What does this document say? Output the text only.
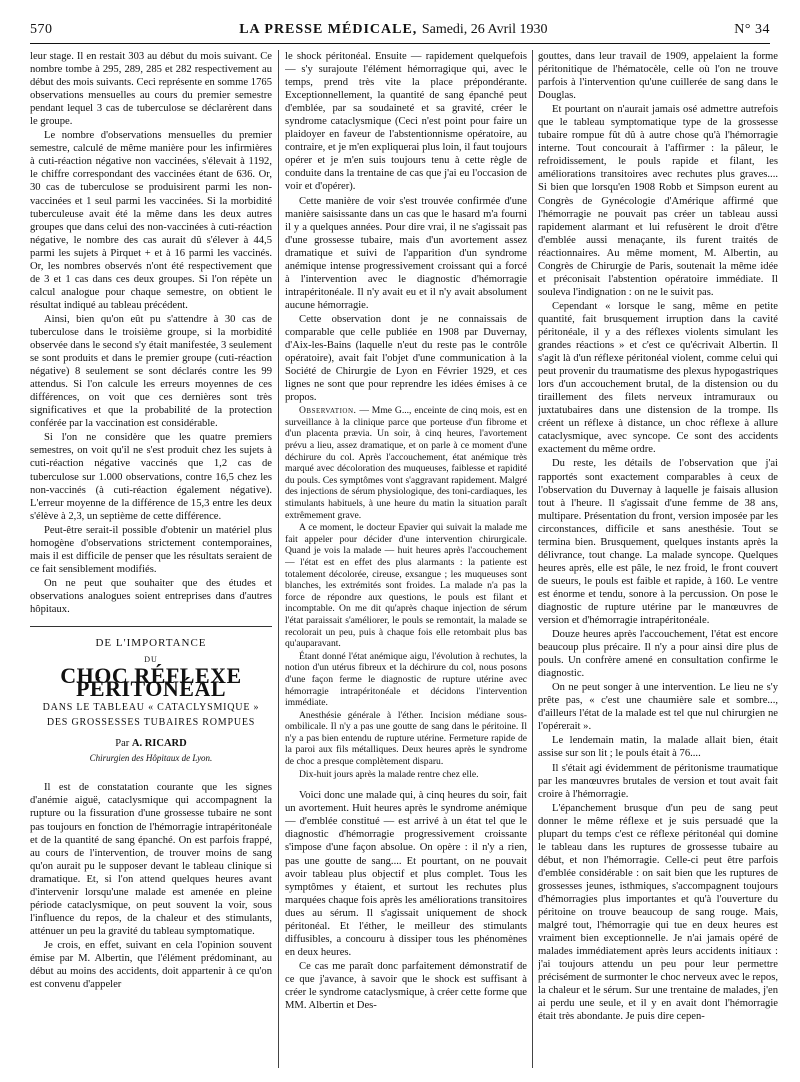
570	LA PRESSE MÉDICALE, Samedi, 26 Avril 1930	N° 34

leur stage. Il en restait 303 au début du mois suivant. Ce nombre tombe à 295, 289, 285 et 282 respectivement au début des mois suivants. Ceci représente en somme 1765 observations mensuelles au cours du premier semestre pendant lequel 3 cas de tuberculose se déclarèrent dans le groupe.

Le nombre d'observations mensuelles du premier semestre, calculé de même manière pour les infirmières à cuti-réaction négative non vaccinées, s'élevait à 1192, le chiffre correspondant des vaccinées étant de 636. Or, 30 cas de tuberculose se produisirent parmi les non-vaccinées et 1 seul parmi les vaccinées. Si la morbidité tuberculeuse avait été la même dans les deux autres groupes que dans celui des non-vaccinées à cuti-réaction négative, le nombre des cas aurait dû s'élever à 44,5 parmi les sujets à Pirquet + et à 16 parmi les vaccinés. Or, les nombres observés n'ont été respectivement que de 3 et 1 cas dans ces deux groupes. Si l'on répète un calcul analogue pour chaque semestre, on obtient le résultat indiqué au tableau précédent.

Ainsi, bien qu'on eût pu s'attendre à 30 cas de tuberculose dans le troisième groupe, si la morbidité observée dans le second s'y était manifestée, 3 seulement se sont produits et dans le premier groupe (cuti-réaction négative) 8 seulement se sont déclarés contre les 99 attendus. Si l'on calcule les erreurs moyennes de ces différences, on voit que ces dernières sont très significatives et que la probabilité de la protection conférée par la vaccination est considérable.

Si l'on ne considère que les quatre premiers semestres, on voit qu'il ne s'est produit chez les sujets à cuti-réaction négative vaccinés que 1,2 cas de tuberculose sur 1.000 observations, contre 16,5 chez les non-vaccinés (à cuti-réaction également négative). L'erreur moyenne de la différence de 15,3 entre les deux s'élève à 2,3, un septième de cette différence.

Peut-être serait-il possible d'obtenir un matériel plus homogène d'observations strictement contemporaines, mais il est difficile de penser que les résultats seraient de ce fait sensiblement modifiés.

On ne peut que souhaiter que des études et observations analogues soient entreprises dans d'autres hôpitaux.

DE L'IMPORTANCE
DU
CHOC RÉFLEXE PÉRITONÉAL
DANS LE TABLEAU « CATACLYSMIQUE »
DES GROSSESSES TUBAIRES ROMPUES
Par A. RICARD
Chirurgien des Hôpitaux de Lyon.

Il est de constatation courante que les signes d'anémie aiguë, cataclysmique qui accompagnent la rupture ou la fissuration d'une grossesse tubaire ne sont pas toujours en fonction de l'hémorragie intrapéritonéale et de la quantité de sang épanché. On est parfois frappé, au cours de l'intervention, de trouver moins de sang qu'on aurait pu le supposer devant le tableau clinique si dramatique. Et, si l'on attend quelques heures avant d'intervenir lorsqu'une malade est amenée en pleine période cataclysmique, on peut souvent la voir, sous l'influence du repos, de la chaleur et des stimulants, atténuer un peu la gravité du tableau symptomatique.

Je crois, en effet, suivant en cela l'opinion souvent émise par M. Albertin, que l'élément prédominant, au début au moins des accidents, doit appartenir à ce qu'on est convenu d'appeler

le shock péritonéal. Ensuite — rapidement quelquefois — s'y surajoute l'élément hémorragique qui, avec le temps, prend très vite la place prépondérante. Exceptionnellement, la quantité de sang épanché peut d'emblée, par sa soudaineté et sa gravité, créer le syndrome cataclysmique (Ceci n'est point pour faire un plaidoyer en faveur de l'abstentionnisme opératoire, au contraire, et je m'en expliquerai plus loin, il faut toujours opérer et je m'en suis toujours tenu à cette règle de conduite dans la trentaine de cas que j'ai eu l'occasion de voir et d'opérer).

Cette manière de voir s'est trouvée confirmée d'une manière saisissante dans un cas que le hasard m'a fourni il y a quelques années. Pour dire vrai, il ne s'agissait pas d'une grossesse tubaire, mais d'un avortement assez dramatique et suivi de l'apparition d'un syndrome anémique intense progressivement croissant qui a forcé à l'intervention avec le diagnostic d'hémorragie intrapéritonéale. Il n'y avait eu et il n'y avait absolument aucune hémorragie.

Cette observation dont je ne connaissais de comparable que celle publiée en 1908 par Duvernay, d'Aix-les-Bains (laquelle n'eut du reste pas le contrôle opératoire), avait fait l'objet d'une communication à la Société de Chirurgie de Lyon en Février 1929, et ces lignes ne sont que pour reprendre les idées émises à ce propos.

Observation. — Mme G..., enceinte de cinq mois, est en surveillance à la clinique parce que porteuse d'un fibrome et d'un placenta prævia. Un soir, à cinq heures, l'avortement prévu a lieu, assez dramatique, et on parle à ce moment d'une déchirure du col. Après l'accouchement, état anémique très marqué avec décoloration des muqueuses, faiblesse et rapidité du pouls. Ces symptômes vont s'aggravant rapidement. Malgré des injections de sérum physiologique, des toni-cardiaques, les stimulants habituels, à une heure du matin la situation paraît extrêmement grave.

A ce moment, le docteur Epavier qui suivait la malade me fait appeler pour décider d'une intervention chirurgicale. Quand je vois la malade — huit heures après l'accouchement — l'état est en effet des plus alarmants : la patiente est totalement décolorée, cireuse, exsangue ; les muqueuses sont blanches, les extrémités sont froides. La malade n'a pas la force de répondre aux questions, le pouls est filant et incomptable. On me dit qu'après chaque injection de sérum l'état paraissait s'améliorer, le pouls se remontait, la malade se recolorait un peu, puis à chaque fois elle retombait plus bas qu'auparavant.

Étant donné l'état anémique aigu, l'évolution à rechutes, la notion d'un utérus fibreux et la déchirure du col, nous posons d'une façon ferme le diagnostic de rupture utérine avec hémorragie intrapéritonéale et décidons l'intervention immédiate.

Anesthésie générale à l'éther. Incision médiane sous-ombilicale. Il n'y a pas une goutte de sang dans le péritoine. Il n'y a pas bien entendu de rupture utérine. Fermeture rapide de la paroi aux fils métalliques. Deux heures après le syndrome de choc a presque complètement disparu.

Dix-huit jours après la malade rentre chez elle.

Voici donc une malade qui, à cinq heures du soir, fait un avortement. Huit heures après le syndrome anémique — d'emblée constitué — est arrivé à un état tel que le diagnostic d'hémorragie progressivement croissante s'impose d'une façon absolue. On opère : il n'y a rien, pas une goutte de sang.... Et pourtant, on ne pouvait avoir tableau plus objectif et plus complet. Tous les symptômes y étaient, et surtout les rechutes plus marquées chaque fois après les améliorations transitoires dues au sérum. Il s'agissait uniquement de shock péritonéal. Et l'éther, le meilleur des stimulants diffusibles, a concouru à dissiper tous les phénomènes en deux heures.

Ce cas me paraît donc parfaitement démonstratif de ce que j'avance, à savoir que le shock est suffisant à créer le syndrome cataclysmique, à créer cette forme que MM. Albertin et Des-

gouttes, dans leur travail de 1909, appelaient la forme péritonitique de l'hématocèle, celle où l'on ne trouve parfois à l'intervention qu'une cuillerée de sang dans le Douglas.

Et pourtant on n'aurait jamais osé admettre autrefois que le tableau symptomatique type de la grossesse tubaire rompue fût dû à autre chose qu'à l'hémorragie interne. Tout concourait à l'affirmer : la pâleur, le refroidissement, le pouls rapide et filant, les améliorations transitoires avec rechutes plus graves.... Si bien que lorsqu'en 1908 Robb et Simpson eurent au Congrès de Gynécologie d'Amérique affirmé que l'hémorragie ne pouvait pas créer un tableau aussi rapidement alarmant et lui refusèrent le droit d'être d'emblée aussi menaçante, ils furent traités de réactionnaires. Au même moment, M. Albertin, au Congrès de Chirurgie de Paris, soutenait la même idée et préconisait l'abstention opératoire immédiate. Il souleva l'indignation : on ne le suivit pas.

Cependant « lorsque le sang, même en petite quantité, fait brusquement irruption dans la cavité péritonéale, il y a des réflexes violents simulant les grandes réactions » et c'est ce qu'écrivait Albertin. Il s'agit là d'un réflexe péritonéal violent, comme celui qui peut provenir du traumatisme des plexus hypogastriques lors d'un accouchement brutal, de la distension ou du tiraillement des filets nerveux intramuraux ou juxtatubaires dans une distension de la trompe. Ils créent un réflexe à distance, un choc réflexe à allure cataclysmique, avec syncope. Ce sont des accidents exactement du même ordre.

Du reste, les détails de l'observation que j'ai rapportés sont exactement comparables à ceux de l'observation du Duvernay à laquelle je faisais allusion tout à l'heure. Il s'agissait d'une femme de 38 ans, multipare. Présentation du front, version imposée par les circonstances, difficile et sans anesthésie. Tout se termina bien. Brusquement, quelques instants après la délivrance, tout change. La malade syncope. Quelques heures après, elle est pâle, le nez froid, le front couvert de sueurs, le pouls est faible et rapide, à 160. Le ventre est énorme et tendu, sonore à la percussion. On pose le diagnostic de rupture utérine par le manœuvres de version et d'hémorragie intrapéritonéale.

Douze heures après l'accouchement, l'état est encore beaucoup plus précaire. Il n'y a pour ainsi dire plus de pouls. Un confrère amené en consultation confirme le diagnostic.

On ne peut songer à une intervention. Le lieu ne s'y prête pas, « c'est une chaumière sale et sombre..., d'ailleurs l'état de la malade est tel que nul chirurgien ne l'opérerait ».

Le lendemain matin, la malade allait bien, était assise sur son lit ; le pouls était à 76....

Il s'était agi évidemment de péritonisme traumatique par les manœuvres brutales de version et tout avait fait croire à l'hémorragie.

L'épanchement brusque d'un peu de sang peut donner le même réflexe et je suis persuadé que la plupart du temps c'est ce réflexe péritonéal qui domine le tableau dans les ruptures de grossesse tubaire au début, et non l'hémorragie. Celle-ci peut être parfois d'emblée considérable : on sait bien que les ruptures de grossesses jeunes, isthmiques, s'accompagnent toujours d'hémorragies plus importantes et qu'à l'ouverture du péritoine on trouve beaucoup de sang rouge. Mais, malgré tout, l'hémorragie qui tue en deux heures est vraiment bien exceptionnelle. Je n'ai jamais opéré de malades immédiatement après leurs accidents initiaux : j'ai toujours attendu un peu pour leur permettre précisément de surmonter le choc nerveux avec le repos, la chaleur et le sérum. Sur une trentaine de malades, j'en ai perdu une seule, et il y en avait dont l'hémorragie était très abondante. Je puis dire cepen-
